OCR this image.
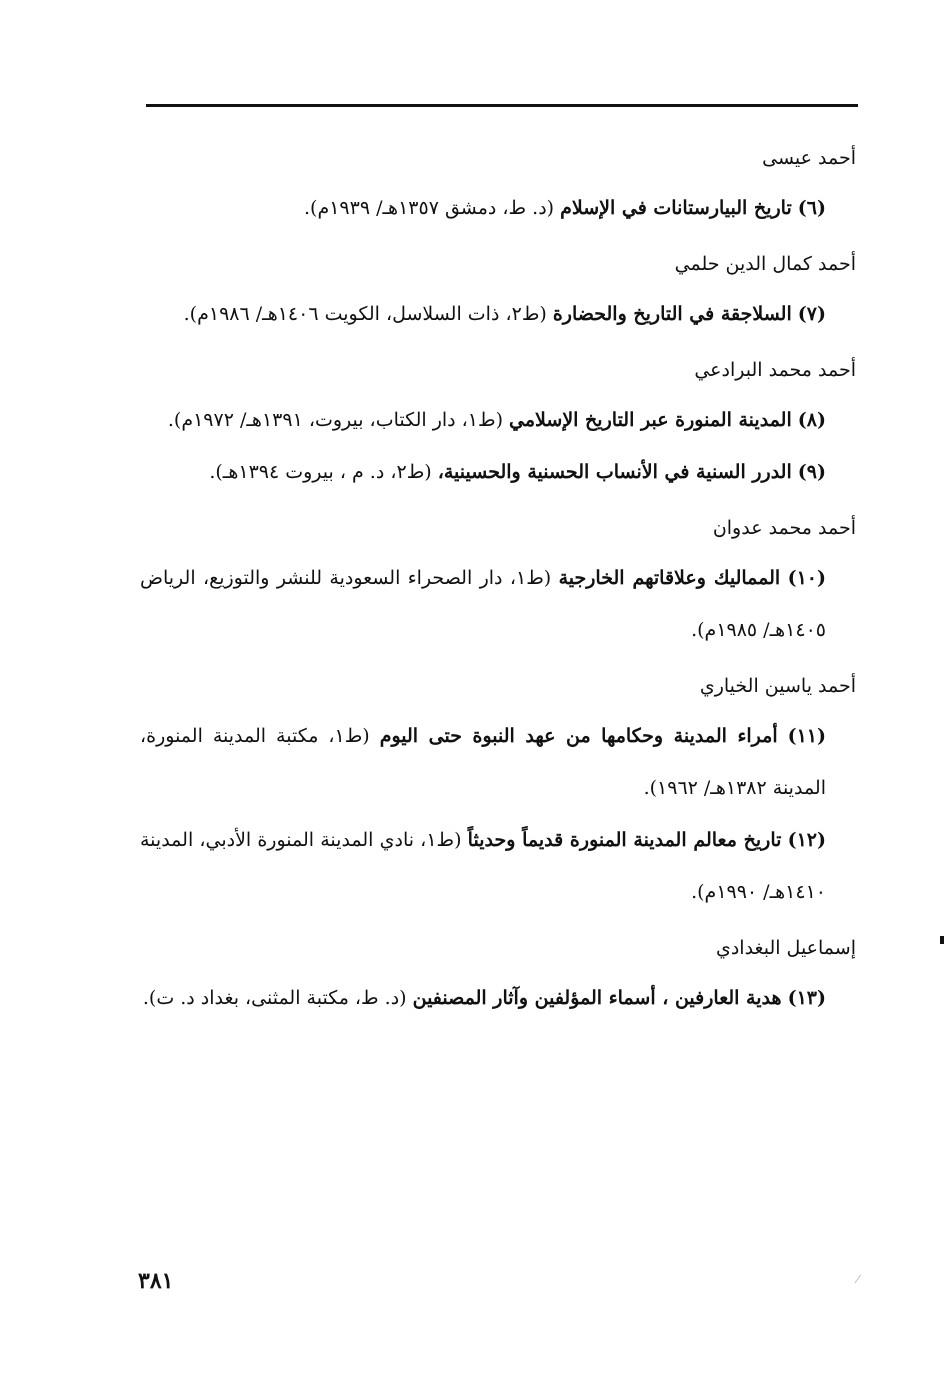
أحمد عيسى

(٦) تاريخ البيارستانات في الإسلام (د. ط، دمشق ١٣٥٧هـ/ ١٩٣٩م).

أحمد كمال الدين حلمي

(٧) السلاجقة في التاريخ والحضارة (ط٢، ذات السلاسل، الكويت ١٤٠٦هـ/ ١٩٨٦م).

أحمد محمد البرادعي

(٨) المدينة المنورة عبر التاريخ الإسلامي (ط١، دار الكتاب، بيروت، ١٣٩١هـ/ ١٩٧٢م).

(٩) الدرر السنية في الأنساب الحسنية والحسينية، (ط٢، د. م ، بيروت ١٣٩٤هـ).

أحمد محمد عدوان

(١٠) المماليك وعلاقاتهم الخارجية (ط١، دار الصحراء السعودية للنشر والتوزيع، الرياض ١٤٠٥هـ/ ١٩٨٥م).

أحمد ياسين الخياري

(١١) أمراء المدينة وحكامها من عهد النبوة حتى اليوم (ط١، مكتبة المدينة المنورة، المدينة ١٣٨٢هـ/ ١٩٦٢).

(١٢) تاريخ معالم المدينة المنورة قديماً وحديثاً (ط١، نادي المدينة المنورة الأدبي، المدينة ١٤١٠هـ/ ١٩٩٠م).

إسماعيل البغدادي

(١٣) هدية العارفين ، أسماء المؤلفين وآثار المصنفين (د. ط، مكتبة المثنى، بغداد د. ت).

٣٨١
